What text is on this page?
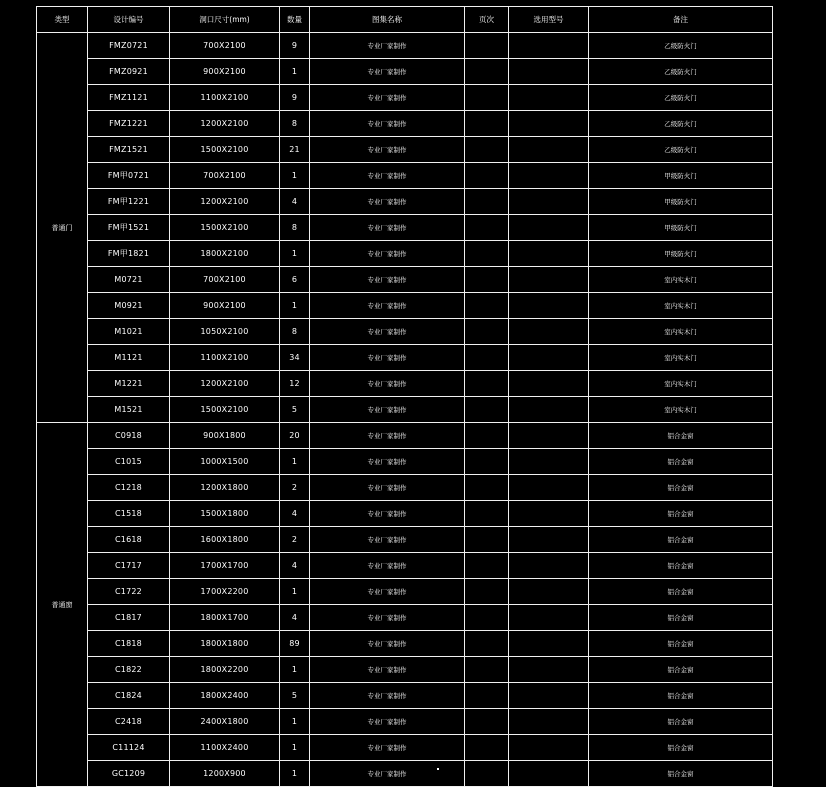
类型	设计编号	洞口尺寸(mm)	数量	图集名称	页次	选用型号	备注
普通门	FMZ0721	700X2100	9	专业厂家制作			乙级防火门
	FMZ0921	900X2100	1	专业厂家制作			乙级防火门
	FMZ1121	1100X2100	9	专业厂家制作			乙级防火门
	FMZ1221	1200X2100	8	专业厂家制作			乙级防火门
	FMZ1521	1500X2100	21	专业厂家制作			乙级防火门
	FM甲0721	700X2100	1	专业厂家制作			甲级防火门
	FM甲1221	1200X2100	4	专业厂家制作			甲级防火门
	FM甲1521	1500X2100	8	专业厂家制作			甲级防火门
	FM甲1821	1800X2100	1	专业厂家制作			甲级防火门
	M0721	700X2100	6	专业厂家制作			室内实木门
	M0921	900X2100	1	专业厂家制作			室内实木门
	M1021	1050X2100	8	专业厂家制作			室内实木门
	M1121	1100X2100	34	专业厂家制作			室内实木门
	M1221	1200X2100	12	专业厂家制作			室内实木门
	M1521	1500X2100	5	专业厂家制作			室内实木门
普通窗	C0918	900X1800	20	专业厂家制作			铝合金窗
	C1015	1000X1500	1	专业厂家制作			铝合金窗
	C1218	1200X1800	2	专业厂家制作			铝合金窗
	C1518	1500X1800	4	专业厂家制作			铝合金窗
	C1618	1600X1800	2	专业厂家制作			铝合金窗
	C1717	1700X1700	4	专业厂家制作			铝合金窗
	C1722	1700X2200	1	专业厂家制作			铝合金窗
	C1817	1800X1700	4	专业厂家制作			铝合金窗
	C1818	1800X1800	89	专业厂家制作			铝合金窗
	C1822	1800X2200	1	专业厂家制作			铝合金窗
	C1824	1800X2400	5	专业厂家制作			铝合金窗
	C2418	2400X1800	1	专业厂家制作			铝合金窗
	C11124	1100X2400	1	专业厂家制作			铝合金窗
	GC1209	1200X900	1	专业厂家制作			铝合金窗
